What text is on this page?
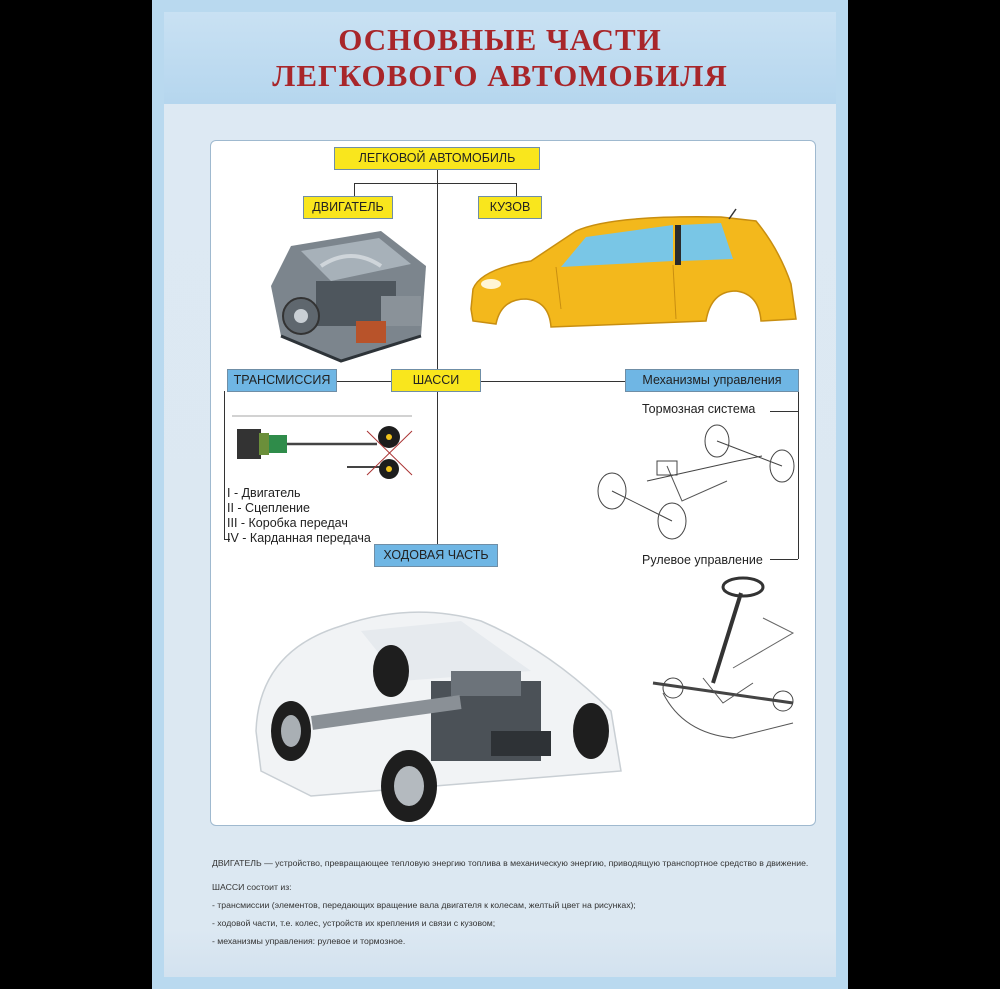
ОСНОВНЫЕ ЧАСТИ
ЛЕГКОВОГО АВТОМОБИЛЯ
ЛЕГКОВОЙ АВТОМОБИЛЬ
ДВИГАТЕЛЬ	КУЗОВ
ТРАНСМИССИЯ	ШАССИ	Механизмы управления
ХОДОВАЯ ЧАСТЬ
Тормозная система
Рулевое управление
I - Двигатель
II - Сцепление
III - Коробка передач
IV - Карданная передача
ДВИГАТЕЛЬ — устройство, превращающее тепловую энергию топлива в механическую энергию, приводящую транспортное средство в движение.
ШАССИ состоит из:
- трансмиссии (элементов, передающих вращение вала двигателя к колесам, желтый цвет на рисунках);
- ходовой части, т.е. колес, устройств их крепления и связи с кузовом;
- механизмы управления: рулевое и тормозное.
